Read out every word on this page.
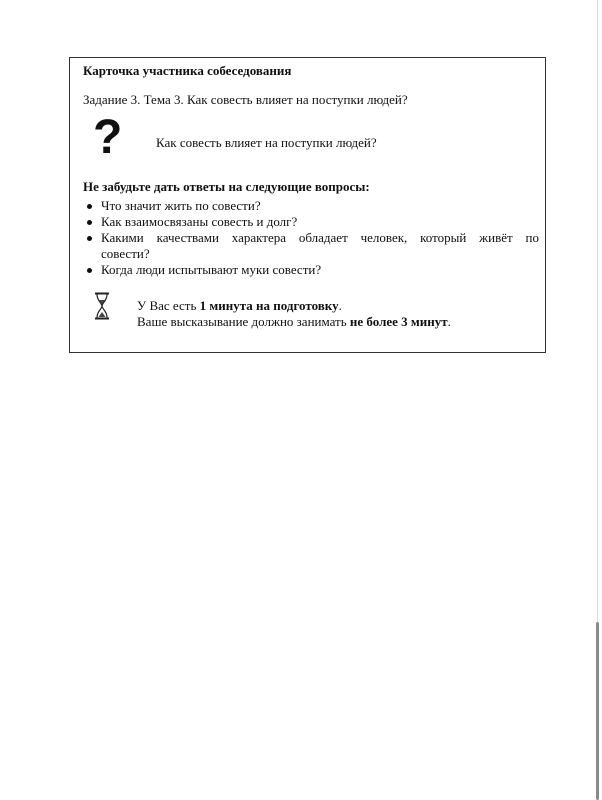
Карточка участника собеседования
Задание 3. Тема 3. Как совесть влияет на поступки людей?
?	Как совесть влияет на поступки людей?
Не забудьте дать ответы на следующие вопросы:
Что значит жить по совести?
Как взаимосвязаны совесть и долг?
Какими качествами характера обладает человек, который живёт по
совести?
Когда люди испытывают муки совести?
У Вас есть 1 минута на подготовку.
Ваше высказывание должно занимать не более 3 минут.
